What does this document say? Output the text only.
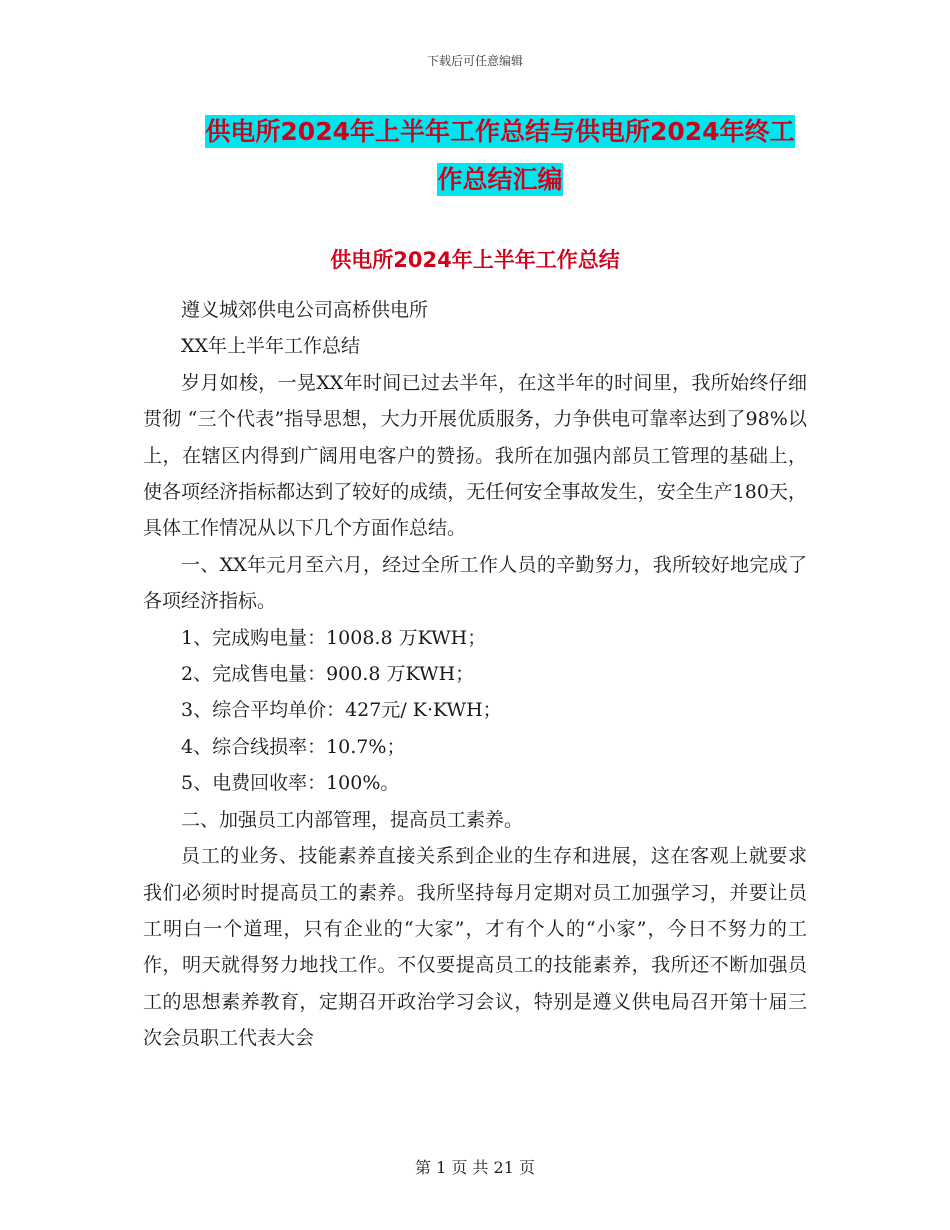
下载后可任意编辑
供电所2024年上半年工作总结与供电所2024年终工
作总结汇编
供电所2024年上半年工作总结

遵义城郊供电公司高桥供电所

XX年上半年工作总结

岁月如梭，一晃XX年时间已过去半年，在这半年的时间里，我所始终仔细贯彻 “三个代表”指导思想，大力开展优质服务，力争供电可靠率达到了98%以上，在辖区内得到广阔用电客户的赞扬。我所在加强内部员工管理的基础上，使各项经济指标都达到了较好的成绩，无任何安全事故发生，安全生产180天，具体工作情况从以下几个方面作总结。

一、XX年元月至六月，经过全所工作人员的辛勤努力，我所较好地完成了各项经济指标。

1、完成购电量：1008.8 万KWH；

2、完成售电量：900.8 万KWH；

3、综合平均单价：427元/ K·KWH；

4、综合线损率：10.7%；

5、电费回收率：100%。

二、加强员工内部管理，提高员工素养。

员工的业务、技能素养直接关系到企业的生存和进展，这在客观上就要求我们必须时时提高员工的素养。我所坚持每月定期对员工加强学习，并要让员工明白一个道理，只有企业的“大家”，才有个人的“小家”，今日不努力的工作，明天就得努力地找工作。不仅要提高员工的技能素养，我所还不断加强员工的思想素养教育，定期召开政治学习会议，特别是遵义供电局召开第十届三次会员职工代表大会

第 1 页 共 21 页
